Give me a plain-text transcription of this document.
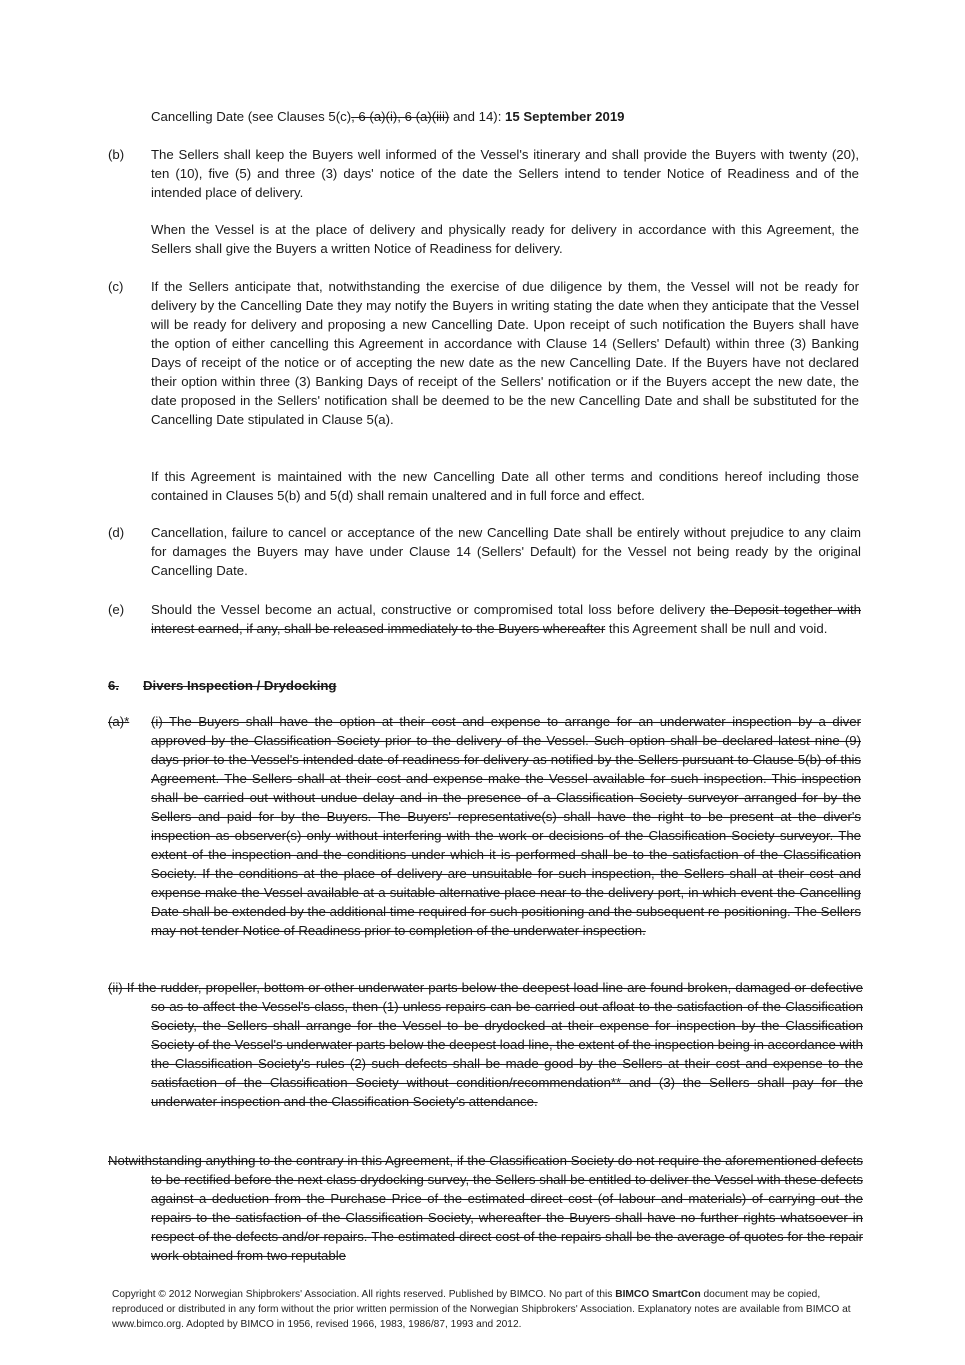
Cancelling Date (see Clauses 5(c), 6 (a)(i), 6 (a)(iii) and 14): 15 September 2019
(b) The Sellers shall keep the Buyers well informed of the Vessel's itinerary and shall provide the Buyers with twenty (20), ten (10), five (5) and three (3) days' notice of the date the Sellers intend to tender Notice of Readiness and of the intended place of delivery.
When the Vessel is at the place of delivery and physically ready for delivery in accordance with this Agreement, the Sellers shall give the Buyers a written Notice of Readiness for delivery.
(c) If the Sellers anticipate that, notwithstanding the exercise of due diligence by them, the Vessel will not be ready for delivery by the Cancelling Date they may notify the Buyers in writing stating the date when they anticipate that the Vessel will be ready for delivery and proposing a new Cancelling Date. Upon receipt of such notification the Buyers shall have the option of either cancelling this Agreement in accordance with Clause 14 (Sellers' Default) within three (3) Banking Days of receipt of the notice or of accepting the new date as the new Cancelling Date. If the Buyers have not declared their option within three (3) Banking Days of receipt of the Sellers' notification or if the Buyers accept the new date, the date proposed in the Sellers' notification shall be deemed to be the new Cancelling Date and shall be substituted for the Cancelling Date stipulated in Clause 5(a).
If this Agreement is maintained with the new Cancelling Date all other terms and conditions hereof including those contained in Clauses 5(b) and 5(d) shall remain unaltered and in full force and effect.
(d) Cancellation, failure to cancel or acceptance of the new Cancelling Date shall be entirely without prejudice to any claim for damages the Buyers may have under Clause 14 (Sellers' Default) for the Vessel not being ready by the original Cancelling Date.
(e) Should the Vessel become an actual, constructive or compromised total loss before delivery the Deposit together with interest earned, if any, shall be released immediately to the Buyers whereafter this Agreement shall be null and void.
6. Divers Inspection / Drydocking
(a)* (i) The Buyers shall have the option at their cost and expense to arrange for an underwater inspection by a diver approved by the Classification Society prior to the delivery of the Vessel. Such option shall be declared latest nine (9) days prior to the Vessel's intended date of readiness for delivery as notified by the Sellers pursuant to Clause 5(b) of this Agreement. The Sellers shall at their cost and expense make the Vessel available for such inspection. This inspection shall be carried out without undue delay and in the presence of a Classification Society surveyor arranged for by the Sellers and paid for by the Buyers. The Buyers' representative(s) shall have the right to be present at the diver's inspection as observer(s) only without interfering with the work or decisions of the Classification Society surveyor. The extent of the inspection and the conditions under which it is performed shall be to the satisfaction of the Classification Society. If the conditions at the place of delivery are unsuitable for such inspection, the Sellers shall at their cost and expense make the Vessel available at a suitable alternative place near to the delivery port, in which event the Cancelling Date shall be extended by the additional time required for such positioning and the subsequent re-positioning. The Sellers may not tender Notice of Readiness prior to completion of the underwater inspection.
(ii) If the rudder, propeller, bottom or other underwater parts below the deepest load line are found broken, damaged or defective so as to affect the Vessel's class, then (1) unless repairs can be carried out afloat to the satisfaction of the Classification Society, the Sellers shall arrange for the Vessel to be drydocked at their expense for inspection by the Classification Society of the Vessel's underwater parts below the deepest load line, the extent of the inspection being in accordance with the Classification Society's rules (2) such defects shall be made good by the Sellers at their cost and expense to the satisfaction of the Classification Society without condition/recommendation** and (3) the Sellers shall pay for the underwater inspection and the Classification Society's attendance.
Notwithstanding anything to the contrary in this Agreement, if the Classification Society do not require the aforementioned defects to be rectified before the next class drydocking survey, the Sellers shall be entitled to deliver the Vessel with these defects against a deduction from the Purchase Price of the estimated direct cost (of labour and materials) of carrying out the repairs to the satisfaction of the Classification Society, whereafter the Buyers shall have no further rights whatsoever in respect of the defects and/or repairs. The estimated direct cost of the repairs shall be the average of quotes for the repair work obtained from two reputable
Copyright © 2012 Norwegian Shipbrokers' Association. All rights reserved. Published by BIMCO. No part of this BIMCO SmartCon document may be copied, reproduced or distributed in any form without the prior written permission of the Norwegian Shipbrokers' Association. Explanatory notes are available from BIMCO at www.bimco.org. Adopted by BIMCO in 1956, revised 1966, 1983, 1986/87, 1993 and 2012.
